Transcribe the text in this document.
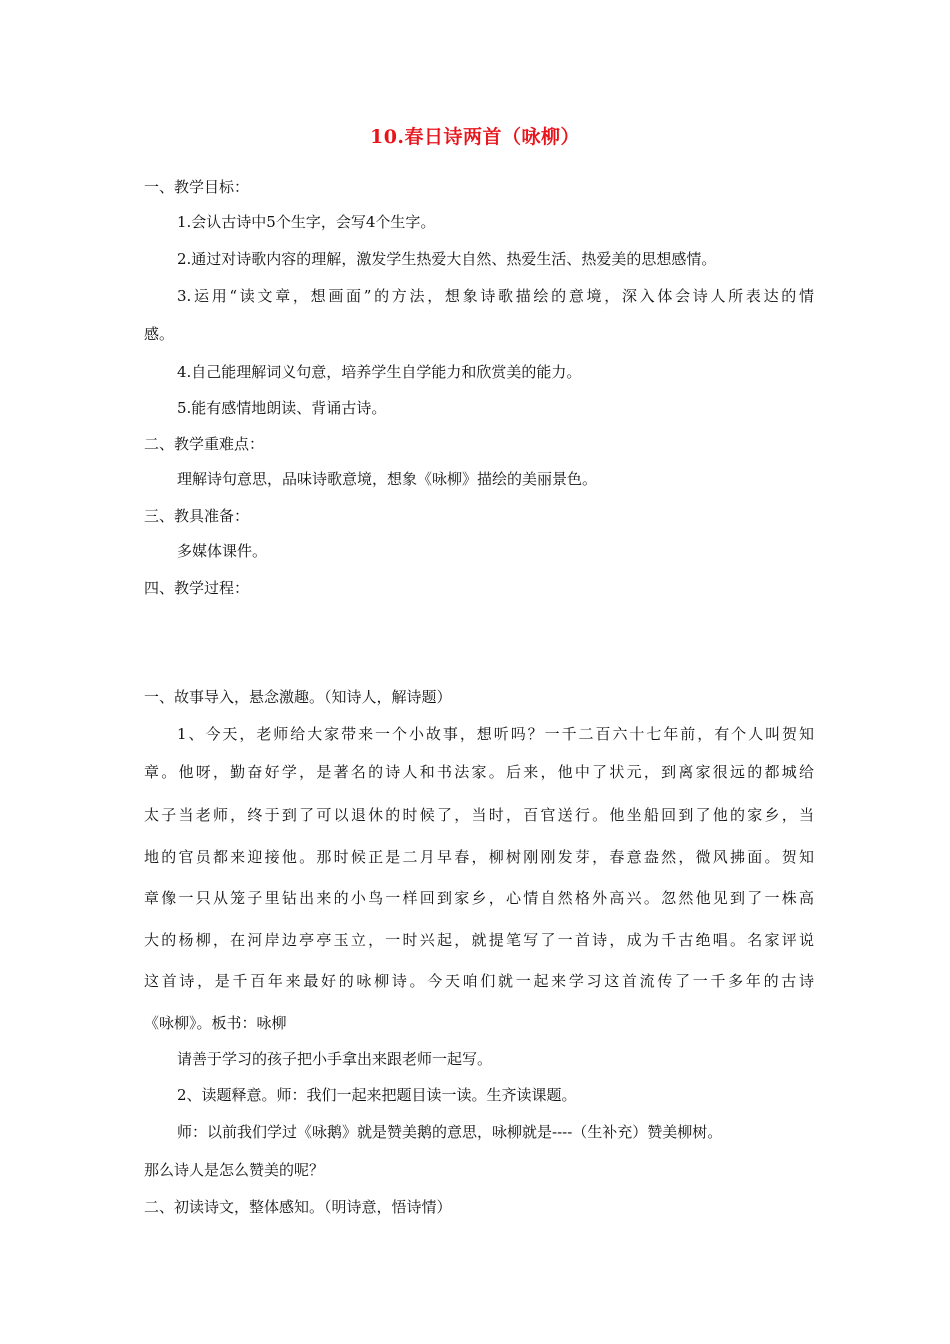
10.春日诗两首（咏柳）
一、教学目标：
1.会认古诗中5个生字，会写4个生字。
2.通过对诗歌内容的理解，激发学生热爱大自然、热爱生活、热爱美的思想感情。
3.运用“读文章，想画面”的方法，想象诗歌描绘的意境，深入体会诗人所表达的情
感。
4.自己能理解词义句意，培养学生自学能力和欣赏美的能力。
5.能有感情地朗读、背诵古诗。
二、教学重难点：
理解诗句意思，品味诗歌意境，想象《咏柳》描绘的美丽景色。
三、教具准备：
多媒体课件。
四、教学过程：
一、故事导入，悬念激趣。（知诗人，解诗题）
1、今天，老师给大家带来一个小故事，想听吗？一千二百六十七年前，有个人叫贺知
章。他呀，勤奋好学，是著名的诗人和书法家。后来，他中了状元，到离家很远的都城给
太子当老师，终于到了可以退休的时候了，当时，百官送行。他坐船回到了他的家乡，当
地的官员都来迎接他。那时候正是二月早春，柳树刚刚发芽，春意盎然，微风拂面。贺知
章像一只从笼子里钻出来的小鸟一样回到家乡，心情自然格外高兴。忽然他见到了一株高
大的杨柳，在河岸边亭亭玉立，一时兴起，就提笔写了一首诗，成为千古绝唱。名家评说
这首诗，是千百年来最好的咏柳诗。今天咱们就一起来学习这首流传了一千多年的古诗
《咏柳》。板书：咏柳
请善于学习的孩子把小手拿出来跟老师一起写。
2、读题释意。师：我们一起来把题目读一读。生齐读课题。
师：以前我们学过《咏鹅》就是赞美鹅的意思，咏柳就是----（生补充）赞美柳树。
那么诗人是怎么赞美的呢？
二、初读诗文，整体感知。（明诗意，悟诗情）
